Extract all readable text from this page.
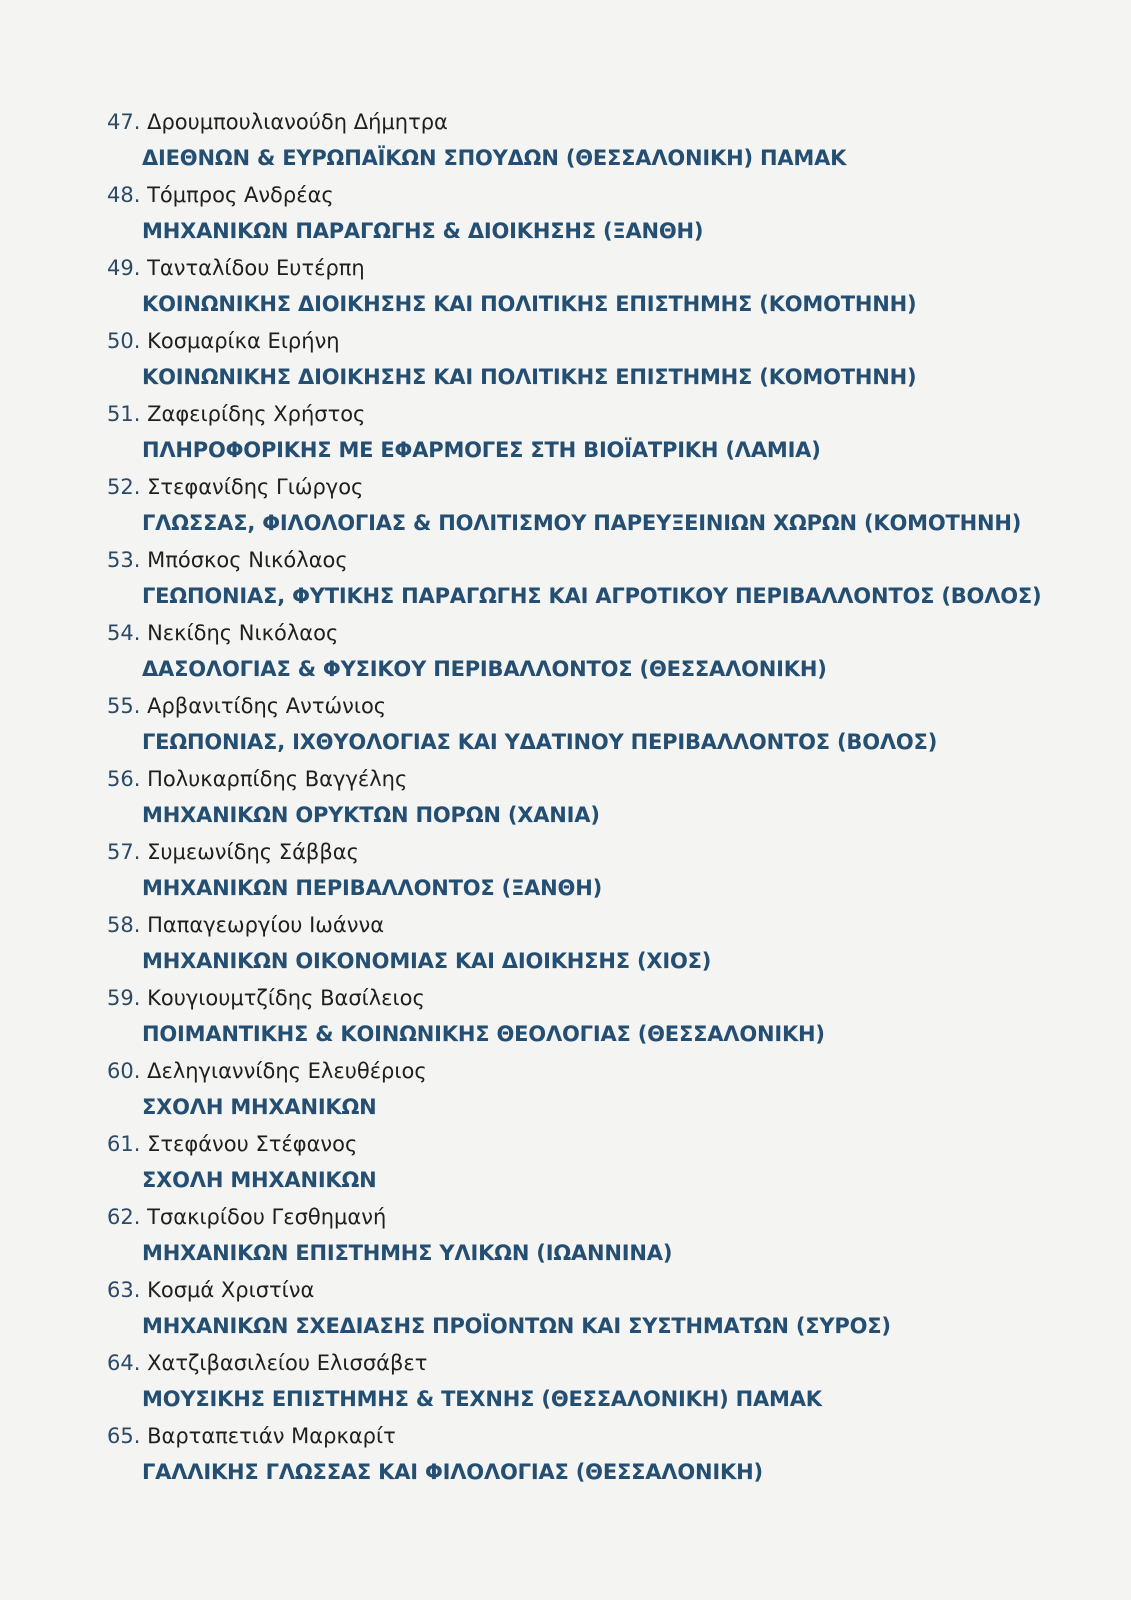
47. Δρουμπουλιανούδη Δήμητρα
ΔΙΕΘΝΩΝ & ΕΥΡΩΠΑΪΚΩΝ ΣΠΟΥΔΩΝ (ΘΕΣΣΑΛΟΝΙΚΗ) ΠΑΜΑΚ
48. Τόμπρος Ανδρέας
ΜΗΧΑΝΙΚΩΝ ΠΑΡΑΓΩΓΗΣ & ΔΙΟΙΚΗΣΗΣ (ΞΑΝΘΗ)
49. Τανταλίδου Ευτέρπη
ΚΟΙΝΩΝΙΚΗΣ ΔΙΟΙΚΗΣΗΣ ΚΑΙ ΠΟΛΙΤΙΚΗΣ ΕΠΙΣΤΗΜΗΣ (ΚΟΜΟΤΗΝΗ)
50. Κοσμαρίκα Ειρήνη
ΚΟΙΝΩΝΙΚΗΣ ΔΙΟΙΚΗΣΗΣ ΚΑΙ ΠΟΛΙΤΙΚΗΣ ΕΠΙΣΤΗΜΗΣ (ΚΟΜΟΤΗΝΗ)
51. Ζαφειρίδης Χρήστος
ΠΛΗΡΟΦΟΡΙΚΗΣ ΜΕ ΕΦΑΡΜΟΓΕΣ ΣΤΗ ΒΙΟΪΑΤΡΙΚΗ (ΛΑΜΙΑ)
52. Στεφανίδης Γιώργος
ΓΛΩΣΣΑΣ, ΦΙΛΟΛΟΓΙΑΣ & ΠΟΛΙΤΙΣΜΟΥ ΠΑΡΕΥΞΕΙΝΙΩΝ ΧΩΡΩΝ (ΚΟΜΟΤΗΝΗ)
53. Μπόσκος Νικόλαος
ΓΕΩΠΟΝΙΑΣ, ΦΥΤΙΚΗΣ ΠΑΡΑΓΩΓΗΣ ΚΑΙ ΑΓΡΟΤΙΚΟΥ ΠΕΡΙΒΑΛΛΟΝΤΟΣ (ΒΟΛΟΣ)
54. Νεκίδης Νικόλαος
ΔΑΣΟΛΟΓΙΑΣ & ΦΥΣΙΚΟΥ ΠΕΡΙΒΑΛΛΟΝΤΟΣ (ΘΕΣΣΑΛΟΝΙΚΗ)
55. Αρβανιτίδης Αντώνιος
ΓΕΩΠΟΝΙΑΣ, ΙΧΘΥΟΛΟΓΙΑΣ ΚΑΙ ΥΔΑΤΙΝΟΥ ΠΕΡΙΒΑΛΛΟΝΤΟΣ (ΒΟΛΟΣ)
56. Πολυκαρπίδης Βαγγέλης
ΜΗΧΑΝΙΚΩΝ ΟΡΥΚΤΩΝ ΠΟΡΩΝ (ΧΑΝΙΑ)
57. Συμεωνίδης Σάββας
ΜΗΧΑΝΙΚΩΝ ΠΕΡΙΒΑΛΛΟΝΤΟΣ (ΞΑΝΘΗ)
58. Παπαγεωργίου Ιωάννα
ΜΗΧΑΝΙΚΩΝ ΟΙΚΟΝΟΜΙΑΣ ΚΑΙ ΔΙΟΙΚΗΣΗΣ (ΧΙΟΣ)
59. Κουγιουμτζίδης Βασίλειος
ΠΟΙΜΑΝΤΙΚΗΣ & ΚΟΙΝΩΝΙΚΗΣ ΘΕΟΛΟΓΙΑΣ (ΘΕΣΣΑΛΟΝΙΚΗ)
60. Δεληγιαννίδης Ελευθέριος
ΣΧΟΛΗ ΜΗΧΑΝΙΚΩΝ
61. Στεφάνου Στέφανος
ΣΧΟΛΗ ΜΗΧΑΝΙΚΩΝ
62. Τσακιρίδου Γεσθημανή
ΜΗΧΑΝΙΚΩΝ ΕΠΙΣΤΗΜΗΣ ΥΛΙΚΩΝ (ΙΩΑΝΝΙΝΑ)
63. Κοσμά Χριστίνα
ΜΗΧΑΝΙΚΩΝ ΣΧΕΔΙΑΣΗΣ ΠΡΟΪΟΝΤΩΝ ΚΑΙ ΣΥΣΤΗΜΑΤΩΝ (ΣΥΡΟΣ)
64. Χατζιβασιλείου Ελισσάβετ
ΜΟΥΣΙΚΗΣ ΕΠΙΣΤΗΜΗΣ & ΤΕΧΝΗΣ (ΘΕΣΣΑΛΟΝΙΚΗ) ΠΑΜΑΚ
65. Βαρταπετιάν Μαρκαρίτ
ΓΑΛΛΙΚΗΣ ΓΛΩΣΣΑΣ ΚΑΙ ΦΙΛΟΛΟΓΙΑΣ (ΘΕΣΣΑΛΟΝΙΚΗ)
